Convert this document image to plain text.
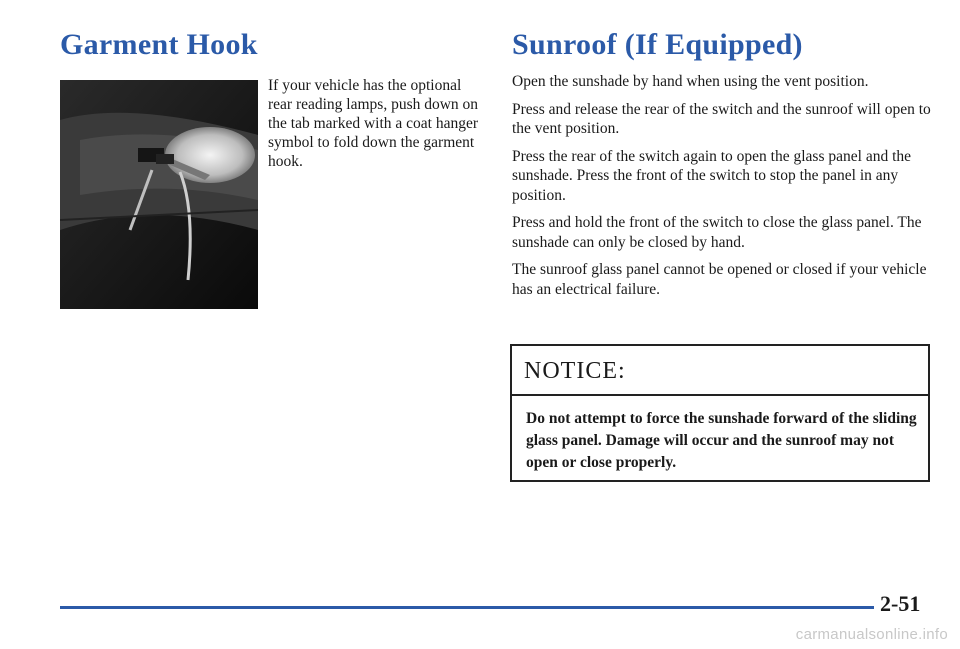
Garment Hook

If your vehicle has the optional rear reading lamps, push down on the tab marked with a coat hanger symbol to fold down the garment hook.

Sunroof (If Equipped)

Open the sunshade by hand when using the vent position.

Press and release the rear of the switch and the sunroof will open to the vent position.

Press the rear of the switch again to open the glass panel and the sunshade. Press the front of the switch to stop the panel in any position.

Press and hold the front of the switch to close the glass panel. The sunshade can only be closed by hand.

The sunroof glass panel cannot be opened or closed if your vehicle has an electrical failure.

NOTICE:

Do not attempt to force the sunshade forward of the sliding glass panel. Damage will occur and the sunroof may not open or close properly.

2-51

carmanualsonline.info
